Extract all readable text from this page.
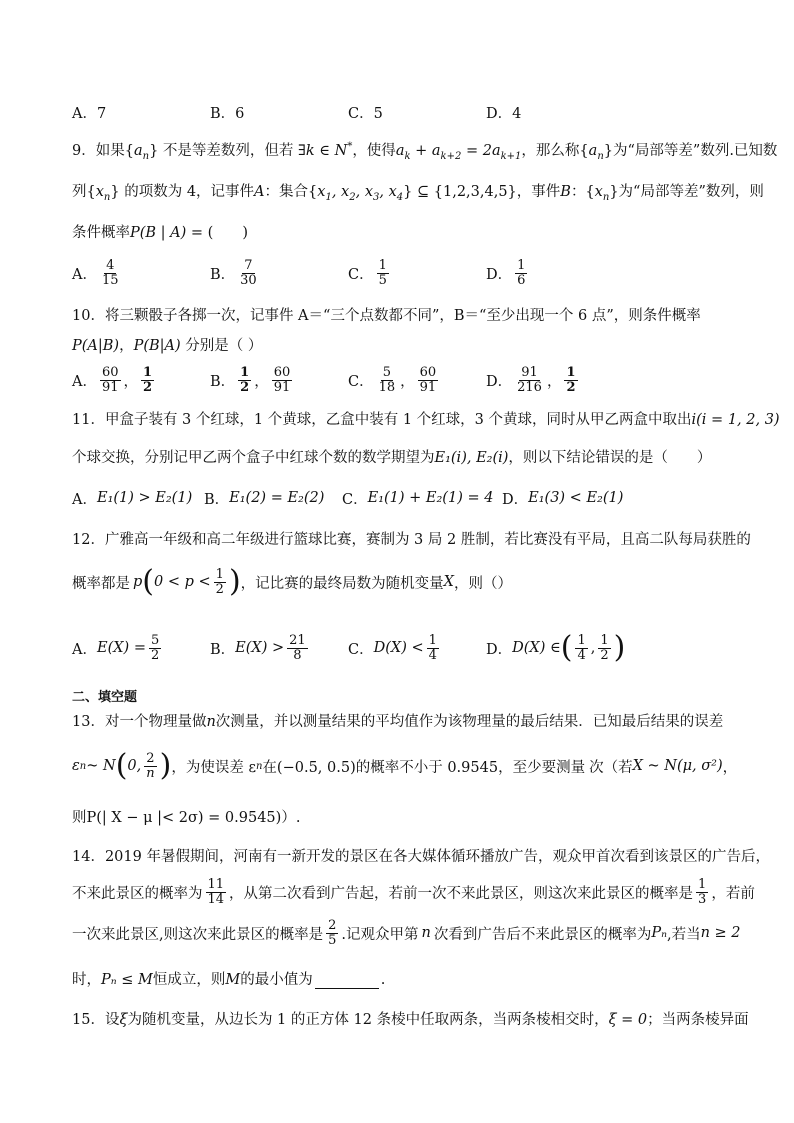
A．7	B．6	C．5	D．4
9．如果$\{a_n\}$ 不是等差数列，但若 ∃k ∈ N*，使得$a_k + a_{k+2} = 2a_{k+1}$，那么称$\{a_n\}$为“局部等差”数列.已知数
列$\{x_n\}$ 的项数为 4，记事件A：集合{$x_1$, $x_2$, $x_3$, $x_4$} ⊆ {1,2,3,4,5}，事件B：$\{x_n\}$为“局部等差”数列，则
条件概率P(B | A) = (　　)
A． $\frac{4}{15}$	B． $\frac{7}{30}$	C． $\frac{1}{5}$	D． $\frac{1}{6}$
10．将三颗骰子各掷一次，记事件 A＝“三个点数都不同”，B＝“至少出现一个 6 点”，则条件概率
P(A|B)，P(B|A) 分别是（ ）
A． $\frac{60}{91}$ ， $\frac{1}{2}$	B． $\frac{1}{2}$ ， $\frac{60}{91}$	C． $\frac{5}{18}$ ， $\frac{60}{91}$	D． $\frac{91}{216}$ ， $\frac{1}{2}$
11．甲盒子装有 3 个红球，1 个黄球，乙盒中装有 1 个红球，3 个黄球，同时从甲乙两盒中取出i(i = 1, 2, 3)
个球交换，分别记甲乙两个盒子中红球个数的数学期望为E₁(i), E₂(i)，则以下结论错误的是（　　）
A． E₁(1) > E₂(1) B． E₁(2) = E₂(2) C． E₁(1) + E₂(1) = 4 D． E₁(3) < E₂(1)
12．广雅高一年级和高二年级进行篮球比赛，赛制为 3 局 2 胜制，若比赛没有平局，且高二队每局获胜的
概率都是 p ( $0 < p < \frac{1}{2}$ ) ，记比赛的最终局数为随机变量 X ，则（）
A． $E(X) = \frac{5}{2}$	B． $E(X) > \frac{21}{8}$	C． $D(X) < \frac{1}{4}$	D． D(X) ∈ ( $\frac{1}{4}$ , $\frac{1}{2}$ )
二、填空题
13．对一个物理量做n次测量，并以测量结果的平均值作为该物理量的最后结果．已知最后结果的误差
ε n ~ N ( 0, $\frac{2}{n}$ ) ，为使误差 ε n 在(−0.5, 0.5)的概率不小于 0.9545，至少要测量 次（若 X ~ N(μ, σ²) ，
则P(| X − μ |< 2σ) = 0.9545)）.
14．2019 年暑假期间，河南有一新开发的景区在各大媒体循环播放广告，观众甲首次看到该景区的广告后，
不来此景区的概率为 $\frac{11}{14}$ ，从第二次看到广告起，若前一次不来此景区，则这次来此景区的概率是 $\frac{1}{3}$ ，若前
一次来此景区,则这次来此景区的概率是 $\frac{2}{5}$ .记观众甲第 n 次看到广告后不来此景区的概率为 Pₙ ,若当 n ≥ 2
时，Pₙ ≤ M恒成立，则M的最小值为	.
15．设ξ为随机变量，从边长为 1 的正方体 12 条棱中任取两条，当两条棱相交时，ξ = 0；当两条棱异面
